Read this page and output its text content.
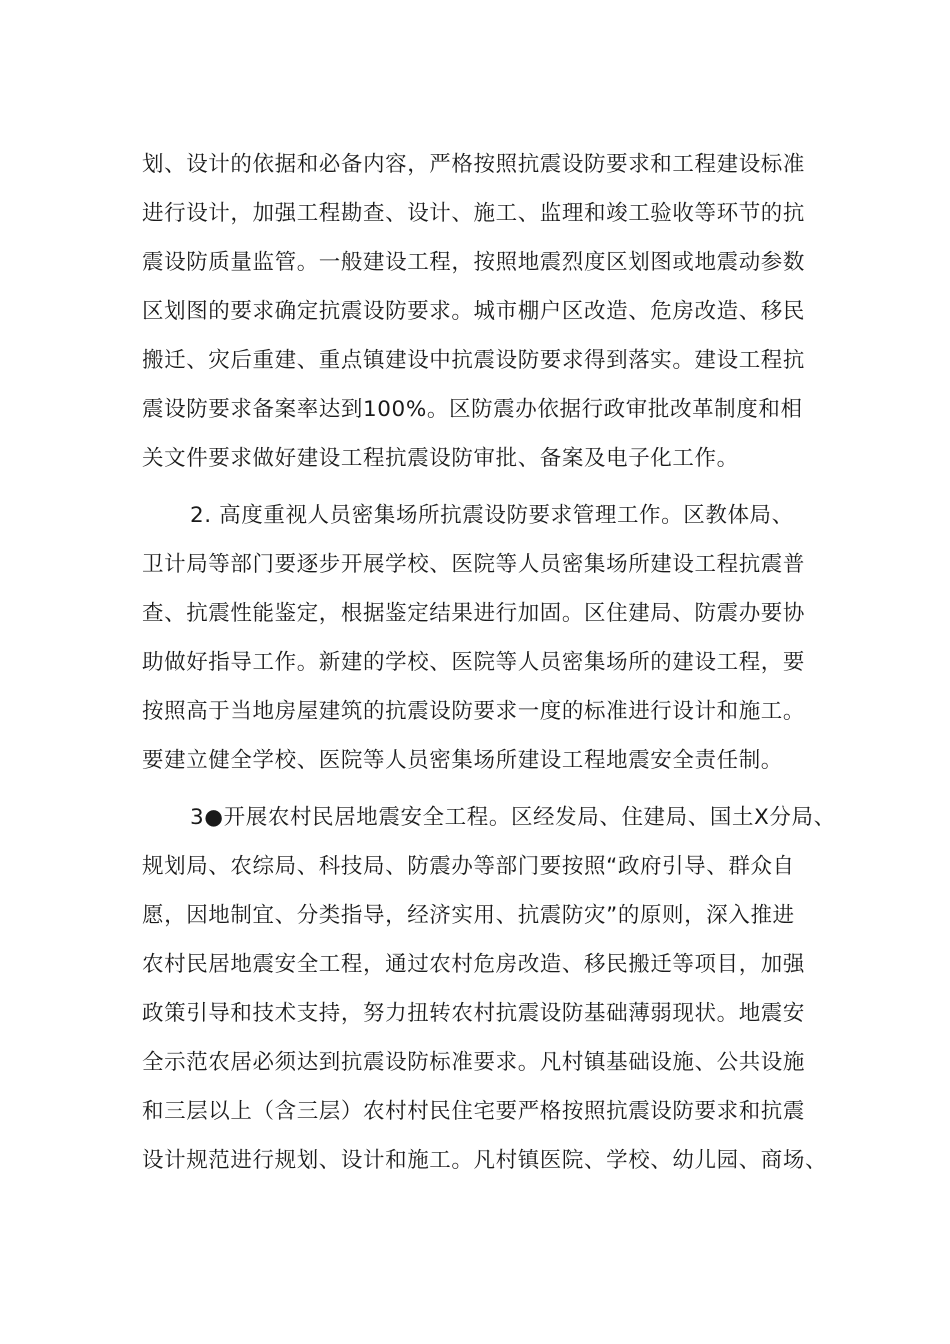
划、设计的依据和必备内容，严格按照抗震设防要求和工程建设标准
进行设计，加强工程勘查、设计、施工、监理和竣工验收等环节的抗
震设防质量监管。一般建设工程，按照地震烈度区划图或地震动参数
区划图的要求确定抗震设防要求。城市棚户区改造、危房改造、移民
搬迁、灾后重建、重点镇建设中抗震设防要求得到落实。建设工程抗
震设防要求备案率达到100%。区防震办依据行政审批改革制度和相
关文件要求做好建设工程抗震设防审批、备案及电子化工作。
2. 高度重视人员密集场所抗震设防要求管理工作。区教体局、
卫计局等部门要逐步开展学校、医院等人员密集场所建设工程抗震普
查、抗震性能鉴定，根据鉴定结果进行加固。区住建局、防震办要协
助做好指导工作。新建的学校、医院等人员密集场所的建设工程，要
按照高于当地房屋建筑的抗震设防要求一度的标准进行设计和施工。
要建立健全学校、医院等人员密集场所建设工程地震安全责任制。
3●开展农村民居地震安全工程。区经发局、住建局、国土X分局、
规划局、农综局、科技局、防震办等部门要按照“政府引导、群众自
愿，因地制宜、分类指导，经济实用、抗震防灾”的原则，深入推进
农村民居地震安全工程，通过农村危房改造、移民搬迁等项目，加强
政策引导和技术支持，努力扭转农村抗震设防基础薄弱现状。地震安
全示范农居必须达到抗震设防标准要求。凡村镇基础设施、公共设施
和三层以上（含三层）农村村民住宅要严格按照抗震设防要求和抗震
设计规范进行规划、设计和施工。凡村镇医院、学校、幼儿园、商场、
